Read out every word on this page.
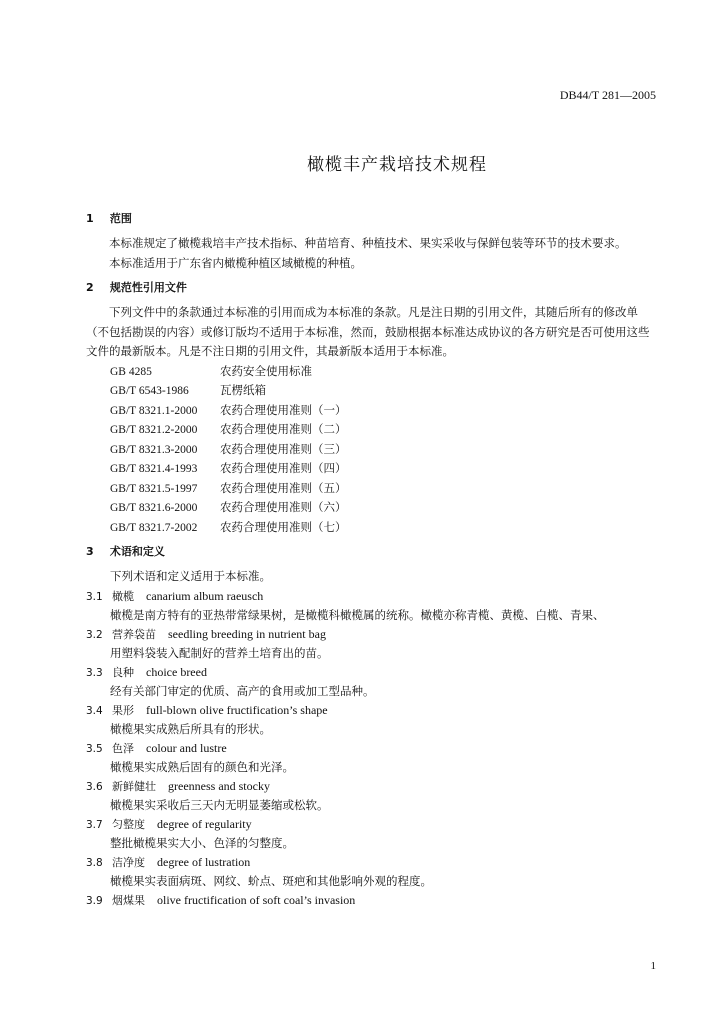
DB44/T 281—2005
橄榄丰产栽培技术规程
1 范围

本标准规定了橄榄栽培丰产技术指标、种苗培育、种植技术、果实采收与保鲜包装等环节的技术要求。

本标准适用于广东省内橄榄种植区域橄榄的种植。

2 规范性引用文件

下列文件中的条款通过本标准的引用而成为本标准的条款。凡是注日期的引用文件，其随后所有的修改单（不包括勘误的内容）或修订版均不适用于本标准，然而，鼓励根据本标准达成协议的各方研究是否可使用这些文件的最新版本。凡是不注日期的引用文件，其最新版本适用于本标准。

GB 4285	农药安全使用标准

GB/T 6543-1986	瓦楞纸箱

GB/T 8321.1-2000 农药合理使用准则（一）

GB/T 8321.2-2000 农药合理使用准则（二）

GB/T 8321.3-2000 农药合理使用准则（三）

GB/T 8321.4-1993 农药合理使用准则（四）

GB/T 8321.5-1997 农药合理使用准则（五）

GB/T 8321.6-2000 农药合理使用准则（六）

GB/T 8321.7-2002 农药合理使用准则（七）

3 术语和定义

下列术语和定义适用于本标准。

3.1 橄榄 canarium album raeusch

橄榄是南方特有的亚热带常绿果树，是橄榄科橄榄属的统称。橄榄亦称青榄、黄榄、白榄、青果、

3.2 营养袋苗 seedling breeding in nutrient bag

用塑料袋装入配制好的营养土培育出的苗。

3.3 良种 choice breed

经有关部门审定的优质、高产的食用或加工型品种。

3.4 果形 full-blown olive fructification’s shape

橄榄果实成熟后所具有的形状。

3.5 色泽 colour and lustre

橄榄果实成熟后固有的颜色和光泽。

3.6 新鲜健壮 greenness and stocky

橄榄果实采收后三天内无明显萎缩或松软。

3.7 匀整度 degree of regularity

整批橄榄果实大小、色泽的匀整度。

3.8 洁净度 degree of lustration

橄榄果实表面病斑、网纹、蚧点、斑疤和其他影响外观的程度。

3.9 烟煤果 olive fructification of soft coal’s invasion

1
